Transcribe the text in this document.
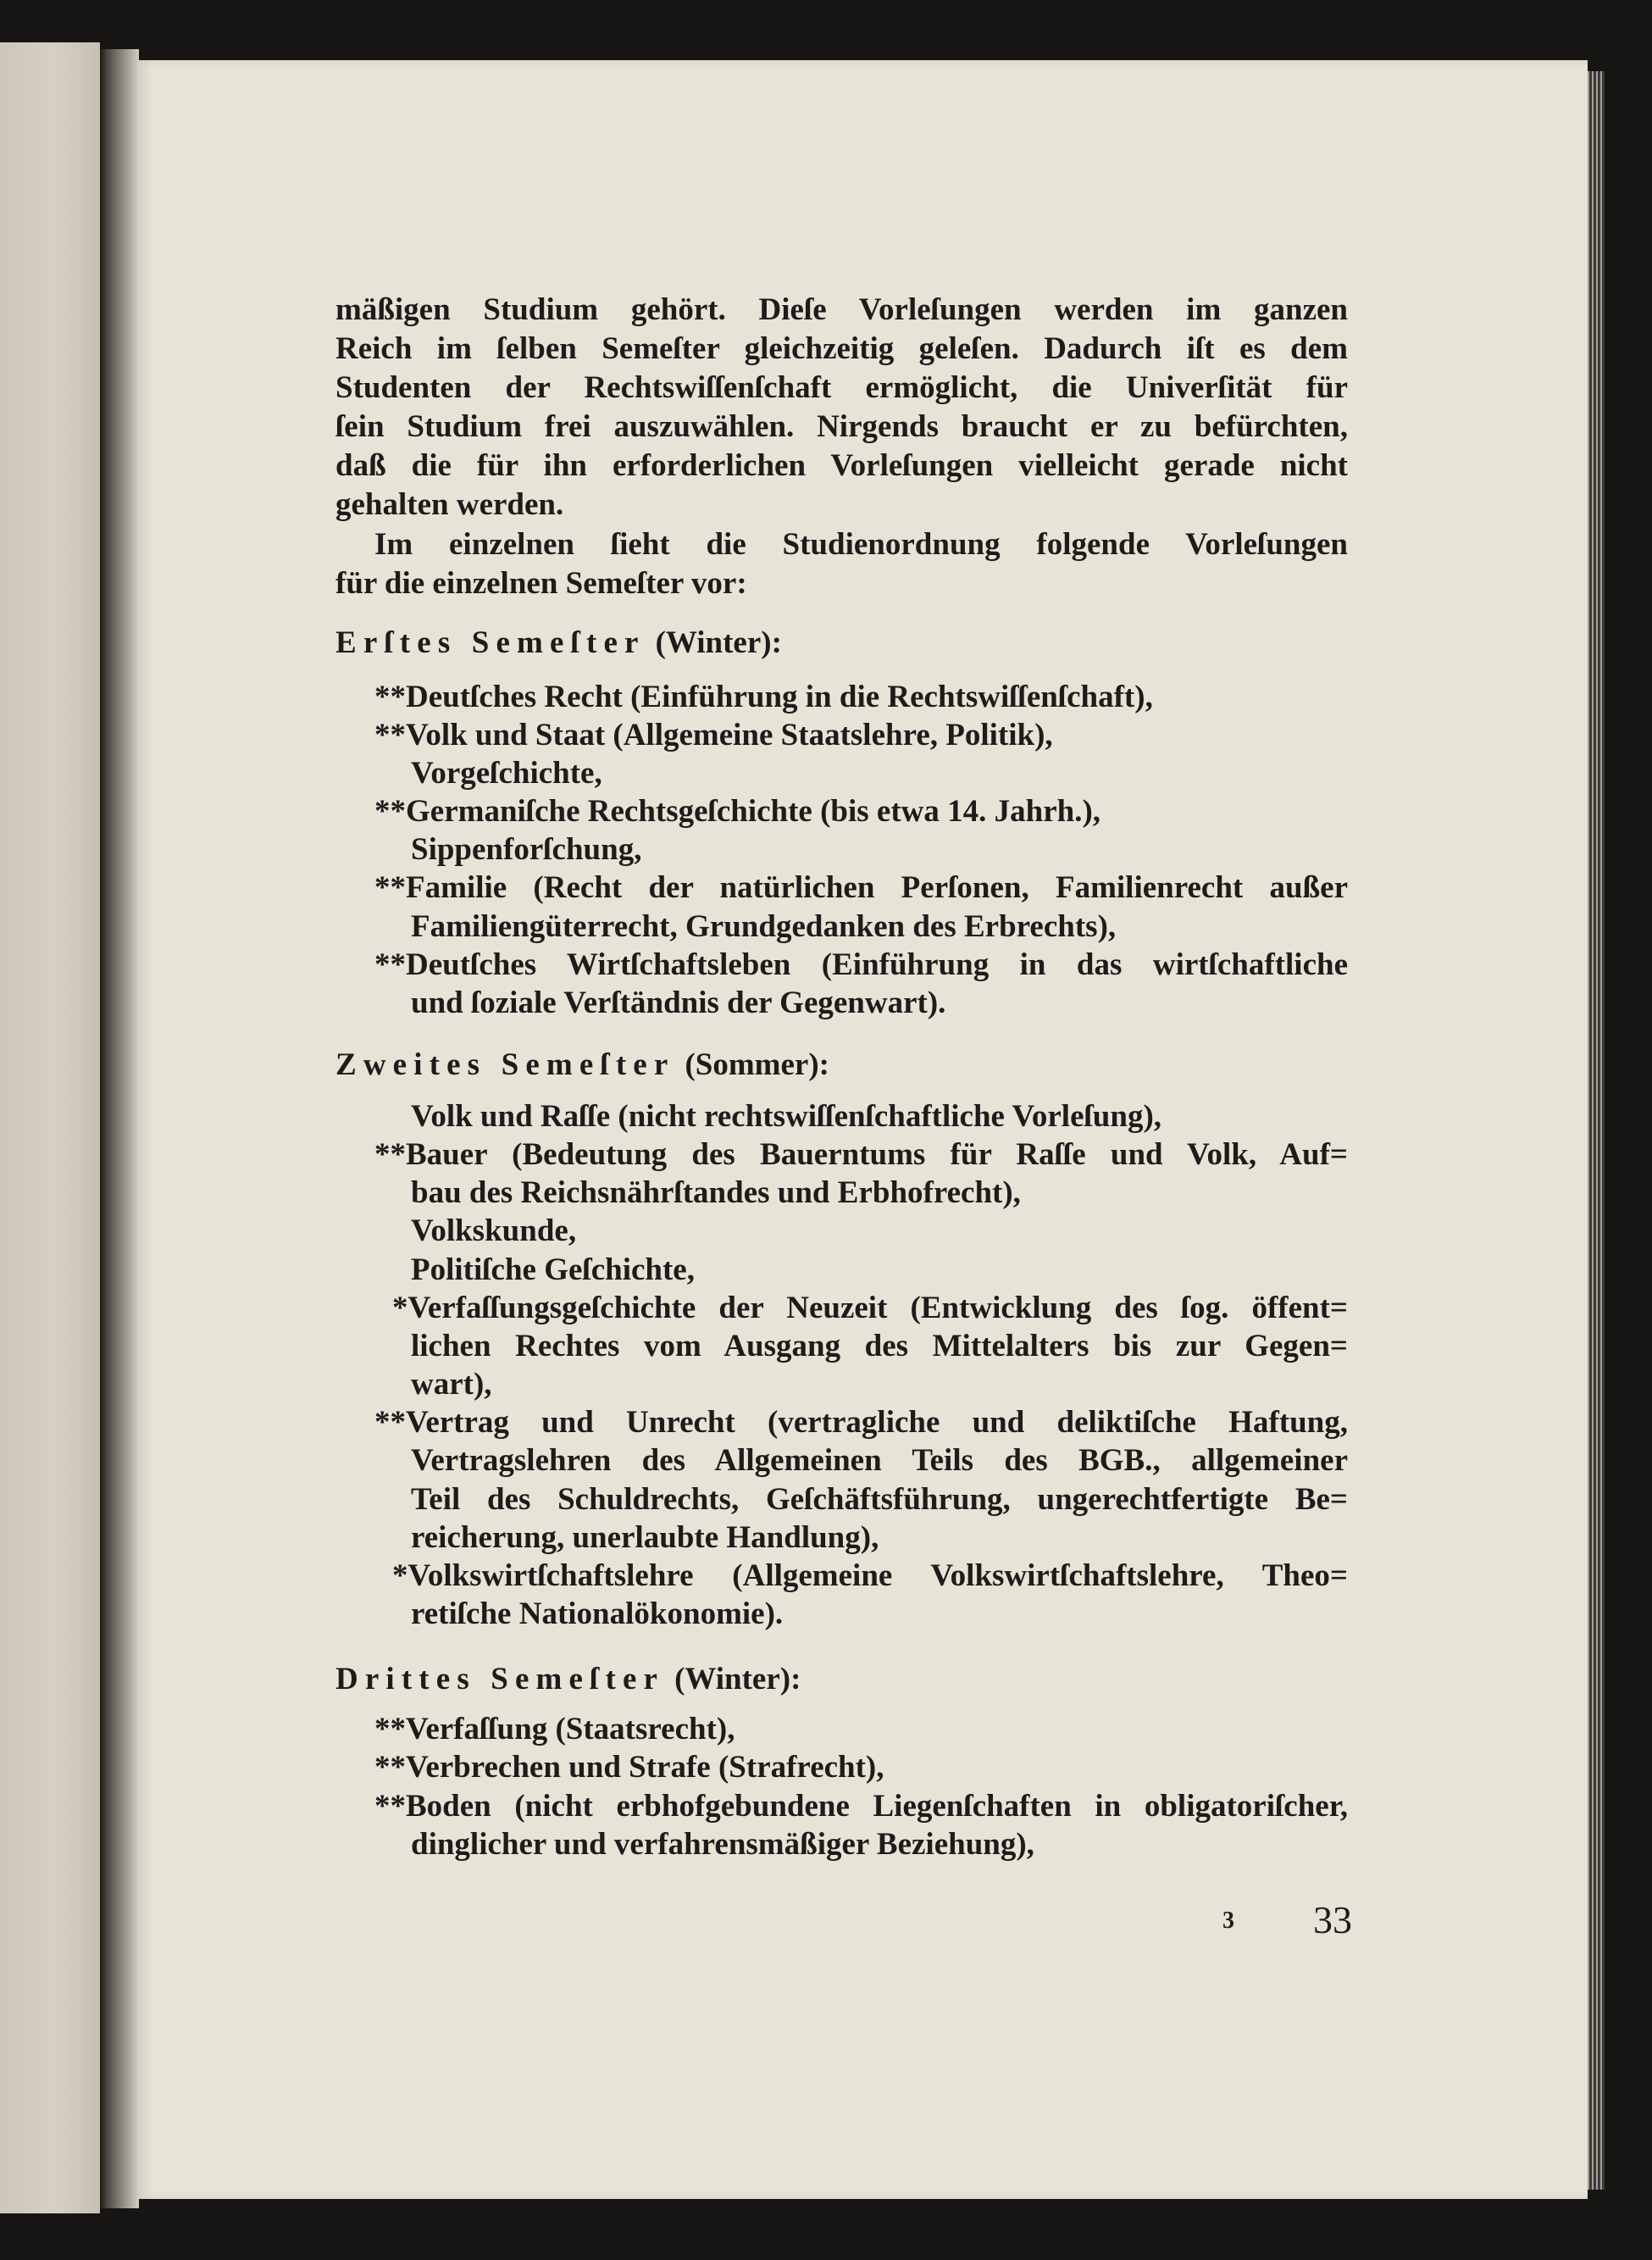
mäßigen Studium gehört. Dieſe Vorleſungen werden im ganzen
Reich im ſelben Semeſter gleichzeitig geleſen. Dadurch iſt es dem
Studenten der Rechtswiſſenſchaft ermöglicht, die Univerſität für
ſein Studium frei auszuwählen. Nirgends braucht er zu befürchten,
daß die für ihn erforderlichen Vorleſungen vielleicht gerade nicht
gehalten werden.
Im einzelnen ſieht die Studienordnung folgende Vorleſungen
für die einzelnen Semeſter vor:
Erſtes Semeſter (Winter):
**Deutſches Recht (Einführung in die Rechtswiſſenſchaft),
**Volk und Staat (Allgemeine Staatslehre, Politik),
Vorgeſchichte,
**Germaniſche Rechtsgeſchichte (bis etwa 14. Jahrh.),
Sippenforſchung,
**Familie (Recht der natürlichen Perſonen, Familienrecht außer
Familiengüterrecht, Grundgedanken des Erbrechts),
**Deutſches Wirtſchaftsleben (Einführung in das wirtſchaftliche
und ſoziale Verſtändnis der Gegenwart).
Zweites Semeſter (Sommer):
Volk und Raſſe (nicht rechtswiſſenſchaftliche Vorleſung),
**Bauer (Bedeutung des Bauerntums für Raſſe und Volk, Auf=
bau des Reichsnährſtandes und Erbhofrecht),
Volkskunde,
Politiſche Geſchichte,
*Verfaſſungsgeſchichte der Neuzeit (Entwicklung des ſog. öffent=
lichen Rechtes vom Ausgang des Mittelalters bis zur Gegen=
wart),
**Vertrag und Unrecht (vertragliche und deliktiſche Haftung,
Vertragslehren des Allgemeinen Teils des BGB., allgemeiner
Teil des Schuldrechts, Geſchäftsführung, ungerechtfertigte Be=
reicherung, unerlaubte Handlung),
*Volkswirtſchaftslehre (Allgemeine Volkswirtſchaftslehre, Theo=
retiſche Nationalökonomie).
Drittes Semeſter (Winter):
**Verfaſſung (Staatsrecht),
**Verbrechen und Strafe (Strafrecht),
**Boden (nicht erbhofgebundene Liegenſchaften in obligatoriſcher,
dinglicher und verfahrensmäßiger Beziehung),
3 33
